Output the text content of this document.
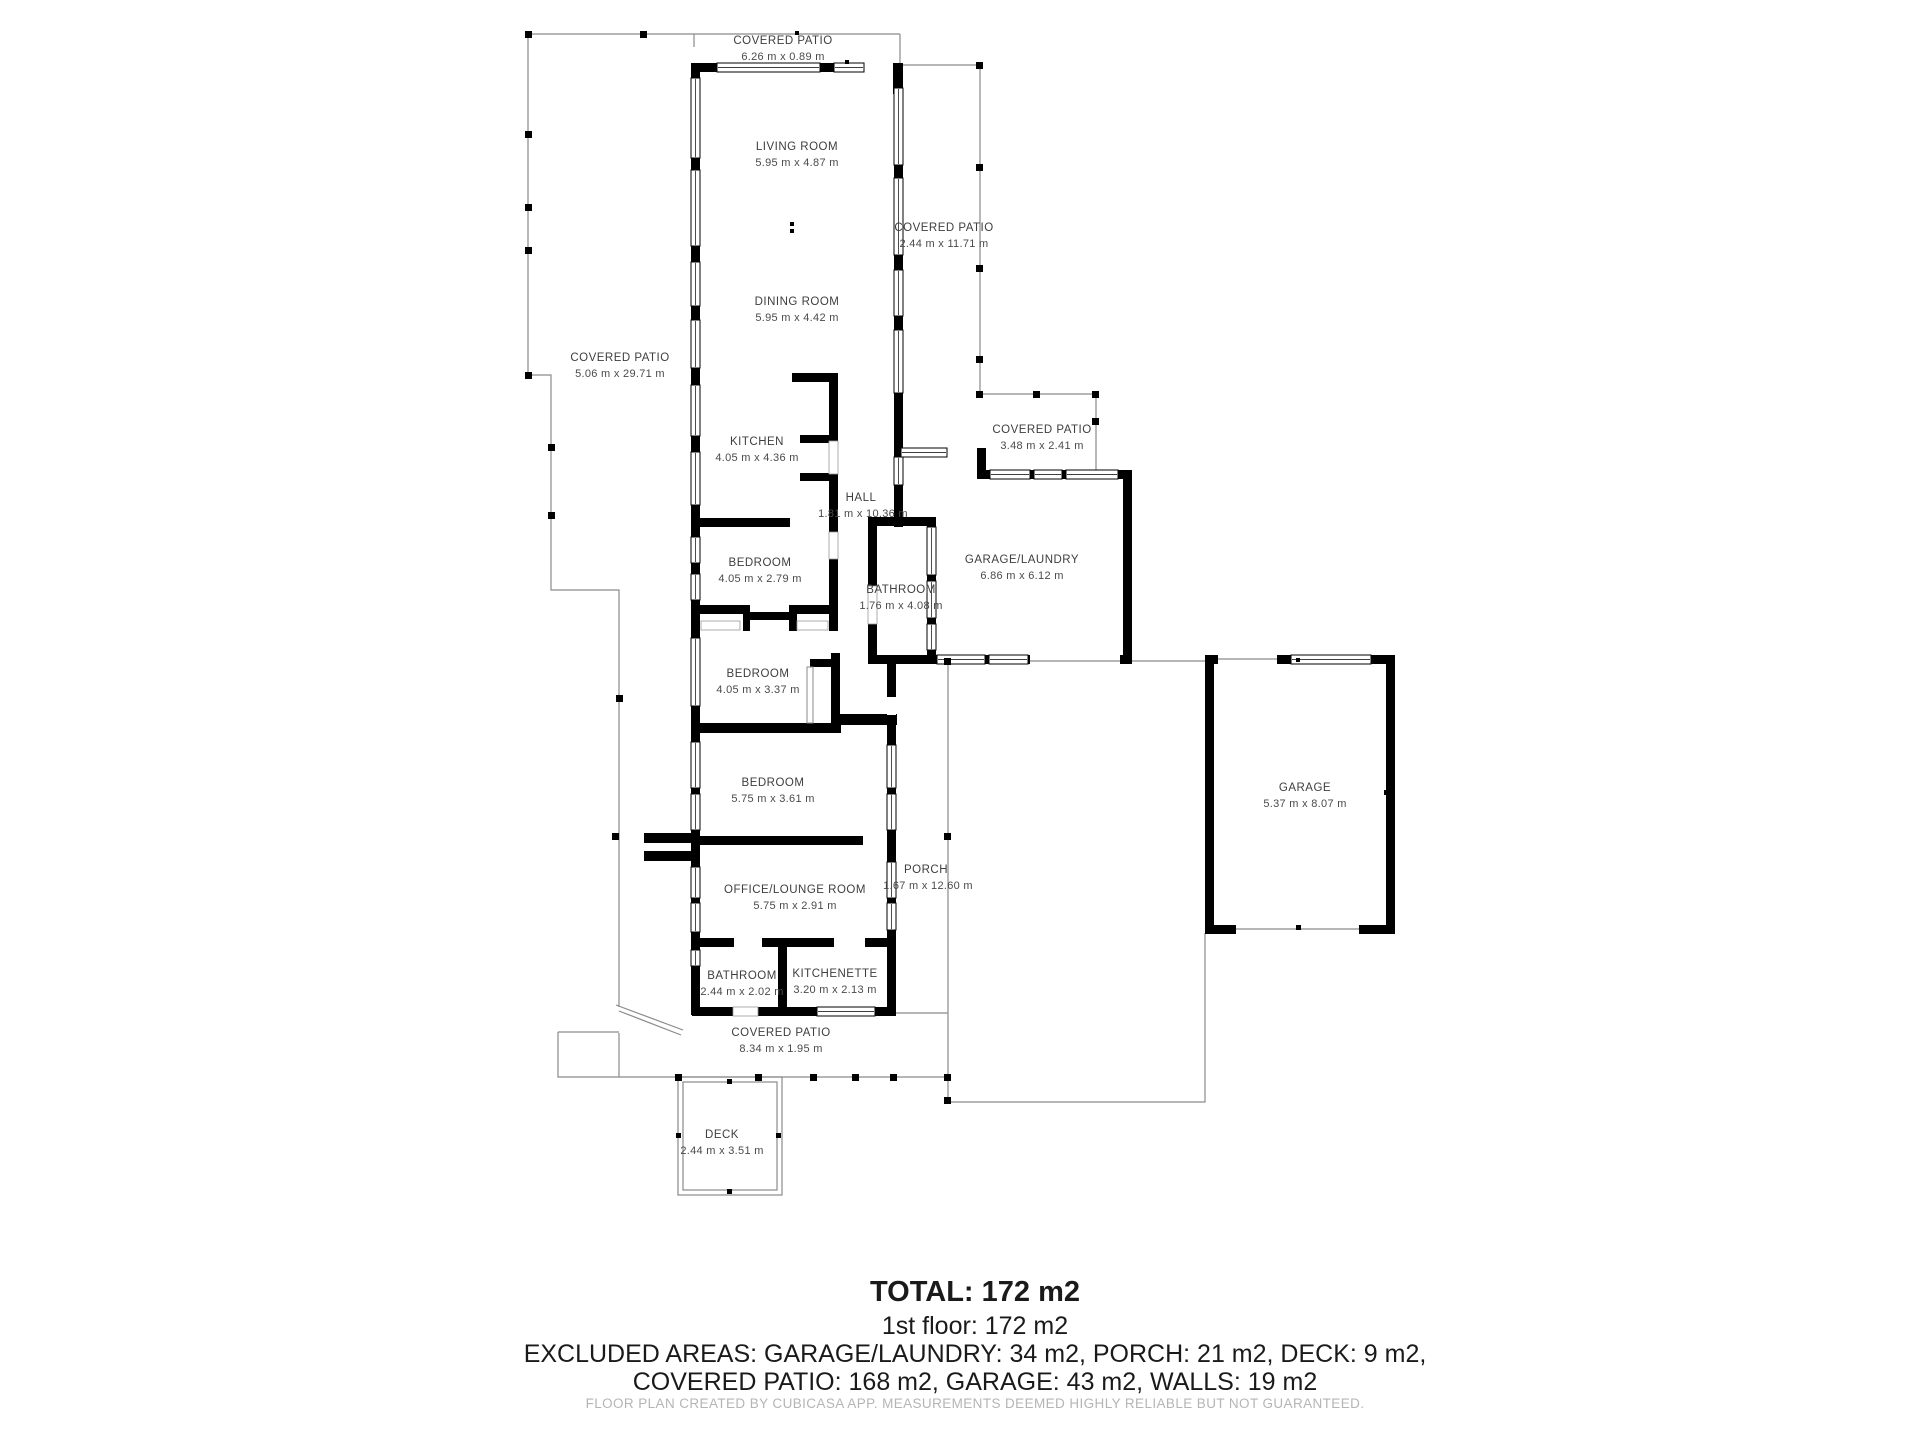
COVERED PATIO
6.26 m x 0.89 m
LIVING ROOM
5.95 m x 4.87 m
COVERED PATIO
2.44 m x 11.71 m
DINING ROOM
5.95 m x 4.42 m
COVERED PATIO
5.06 m x 29.71 m
KITCHEN
4.05 m x 4.36 m
HALL
1.81 m x 10.36 m
COVERED PATIO
3.48 m x 2.41 m
GARAGE/LAUNDRY
6.86 m x 6.12 m
BEDROOM
4.05 m x 2.79 m
BATHROOM
1.76 m x 4.08 m
BEDROOM
4.05 m x 3.37 m
BEDROOM
5.75 m x 3.61 m
GARAGE
5.37 m x 8.07 m
PORCH
1.67 m x 12.60 m
OFFICE/LOUNGE ROOM
5.75 m x 2.91 m
BATHROOM
2.44 m x 2.02 m
KITCHENETTE
3.20 m x 2.13 m
COVERED PATIO
8.34 m x 1.95 m
DECK
2.44 m x 3.51 m
TOTAL: 172 m2
1st floor: 172 m2
EXCLUDED AREAS: GARAGE/LAUNDRY: 34 m2, PORCH: 21 m2, DECK: 9 m2,
COVERED PATIO: 168 m2, GARAGE: 43 m2, WALLS: 19 m2
FLOOR PLAN CREATED BY CUBICASA APP. MEASUREMENTS DEEMED HIGHLY RELIABLE BUT NOT GUARANTEED.
